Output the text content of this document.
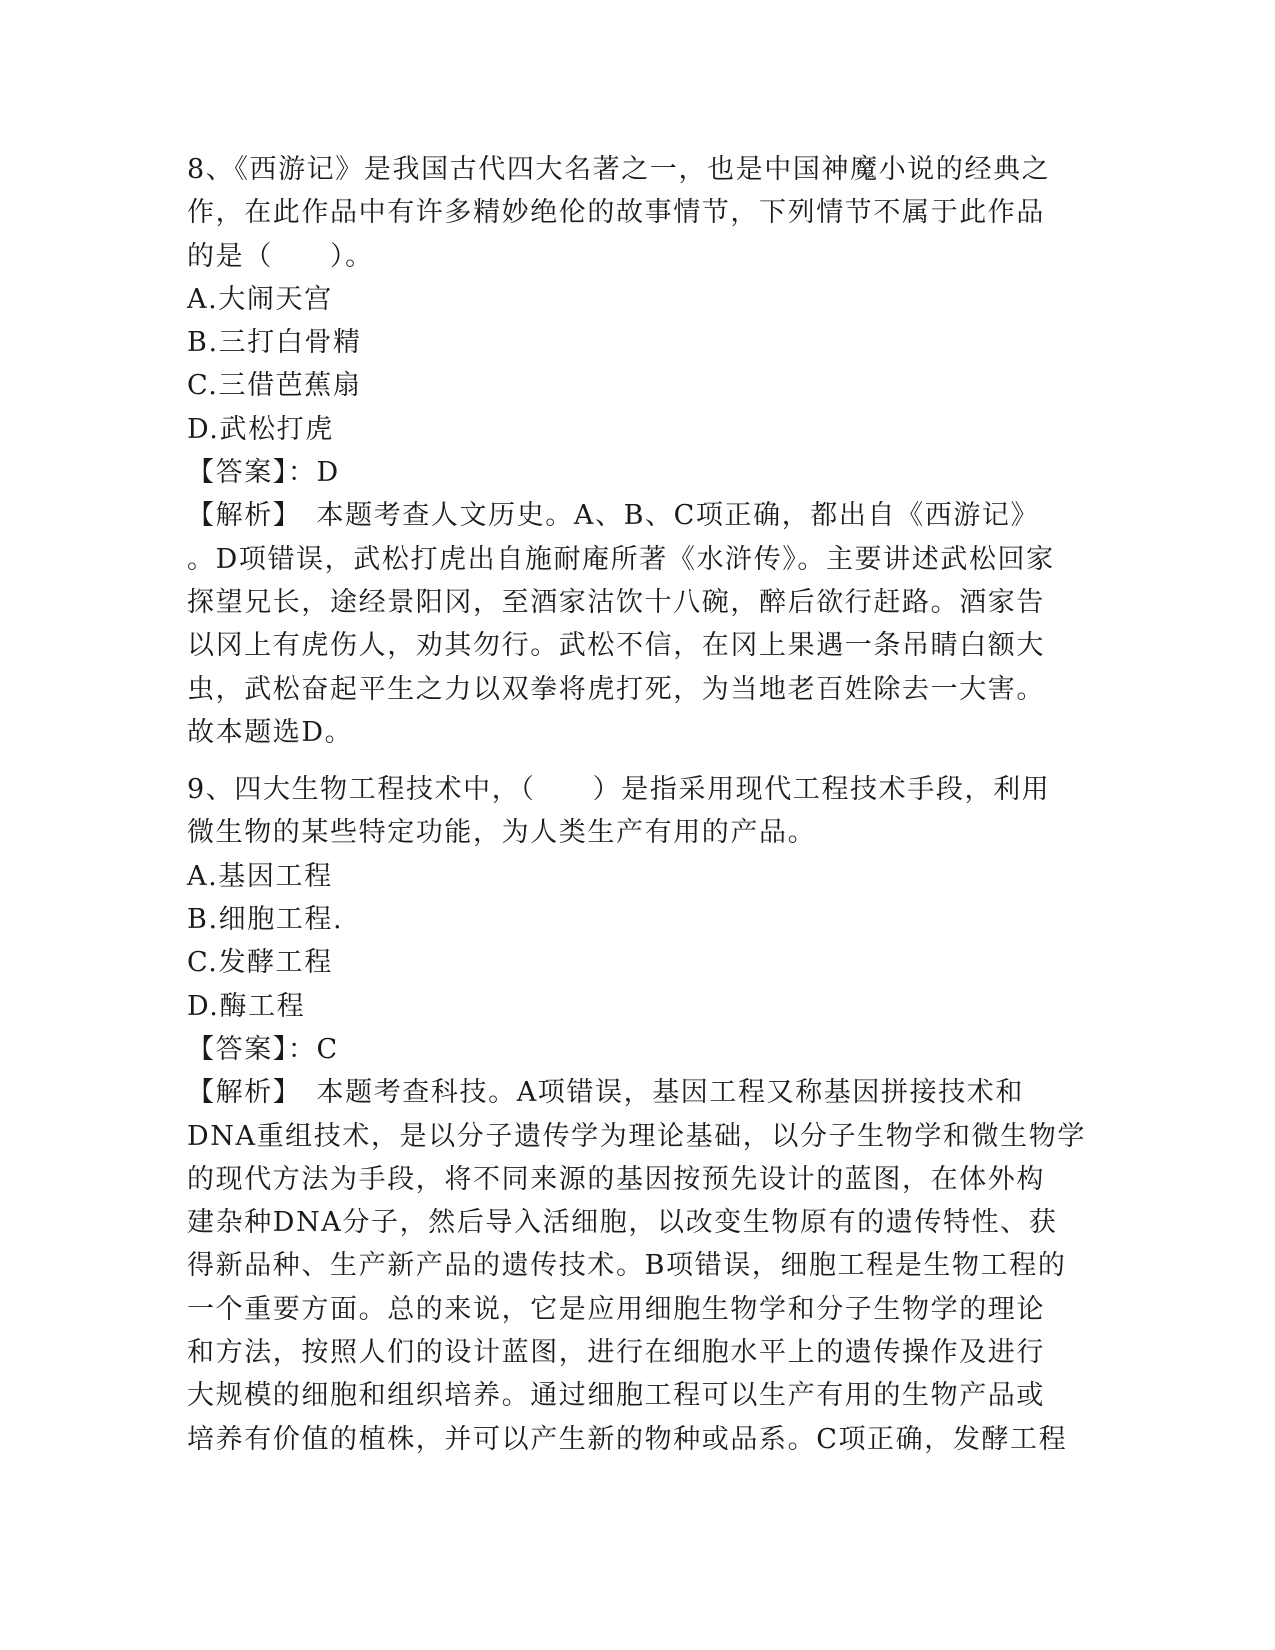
8、《西游记》是我国古代四大名著之一，也是中国神魔小说的经典之
作，在此作品中有许多精妙绝伦的故事情节，下列情节不属于此作品
的是（　　）。
A.大闹天宫
B.三打白骨精
C.三借芭蕉扇
D.武松打虎
【答案】：D
【解析】　本题考查人文历史。A、B、C项正确，都出自《西游记》
。D项错误，武松打虎出自施耐庵所著《水浒传》。主要讲述武松回家
探望兄长，途经景阳冈，至酒家沽饮十八碗，醉后欲行赶路。酒家告
以冈上有虎伤人，劝其勿行。武松不信，在冈上果遇一条吊睛白额大
虫，武松奋起平生之力以双拳将虎打死，为当地老百姓除去一大害。
故本题选D。
9、四大生物工程技术中，（　　）是指采用现代工程技术手段，利用
微生物的某些特定功能，为人类生产有用的产品。
A.基因工程
B.细胞工程.
C.发酵工程
D.酶工程
【答案】：C
【解析】　本题考查科技。A项错误，基因工程又称基因拼接技术和
DNA重组技术，是以分子遗传学为理论基础，以分子生物学和微生物学
的现代方法为手段，将不同来源的基因按预先设计的蓝图，在体外构
建杂种DNA分子，然后导入活细胞，以改变生物原有的遗传特性、获
得新品种、生产新产品的遗传技术。B项错误，细胞工程是生物工程的
一个重要方面。总的来说，它是应用细胞生物学和分子生物学的理论
和方法，按照人们的设计蓝图，进行在细胞水平上的遗传操作及进行
大规模的细胞和组织培养。通过细胞工程可以生产有用的生物产品或
培养有价值的植株，并可以产生新的物种或品系。C项正确，发酵工程
